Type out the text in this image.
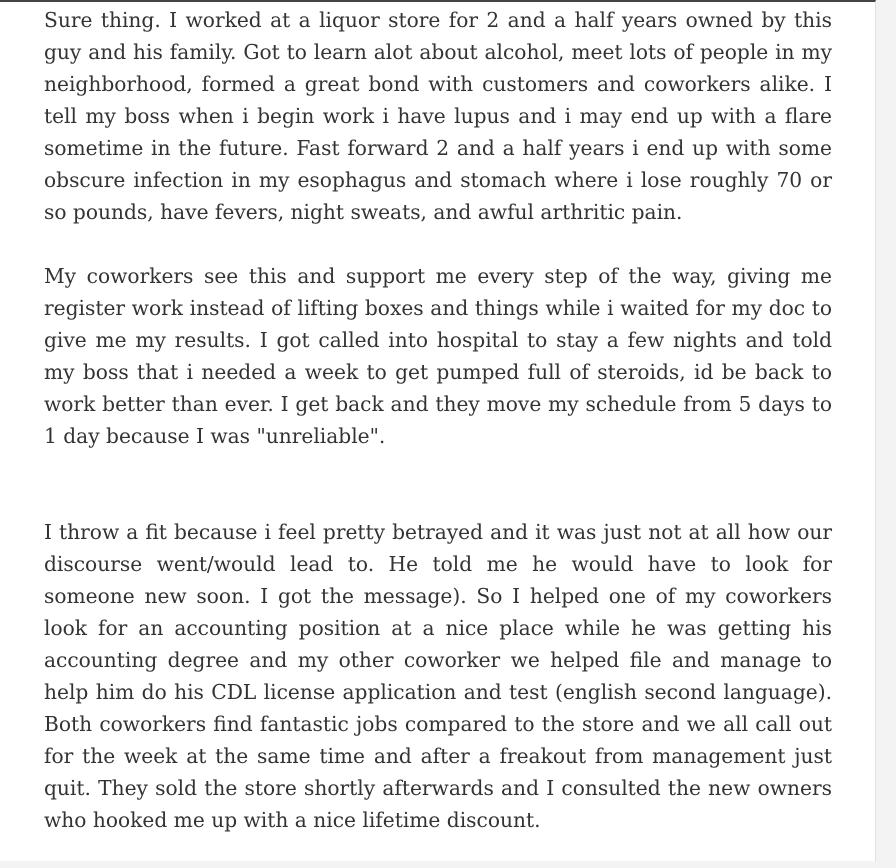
Sure thing. I worked at a liquor store for 2 and a half years owned by this guy and his family. Got to learn alot about alcohol, meet lots of people in my neighborhood, formed a great bond with customers and coworkers alike. I tell my boss when i begin work i have lupus and i may end up with a flare sometime in the future. Fast forward 2 and a half years i end up with some obscure infection in my esophagus and stomach where i lose roughly 70 or so pounds, have fevers, night sweats, and awful arthritic pain.

My coworkers see this and support me every step of the way, giving me register work instead of lifting boxes and things while i waited for my doc to give me my results. I got called into hospital to stay a few nights and told my boss that i needed a week to get pumped full of steroids, id be back to work better than ever. I get back and they move my schedule from 5 days to 1 day because I was "unreliable".

I throw a fit because i feel pretty betrayed and it was just not at all how our discourse went/would lead to. He told me he would have to look for someone new soon. I got the message). So I helped one of my coworkers look for an accounting position at a nice place while he was getting his accounting degree and my other coworker we helped file and manage to help him do his CDL license application and test (english second language). Both coworkers find fantastic jobs compared to the store and we all call out for the week at the same time and after a freakout from management just quit. They sold the store shortly afterwards and I consulted the new owners who hooked me up with a nice lifetime discount.
